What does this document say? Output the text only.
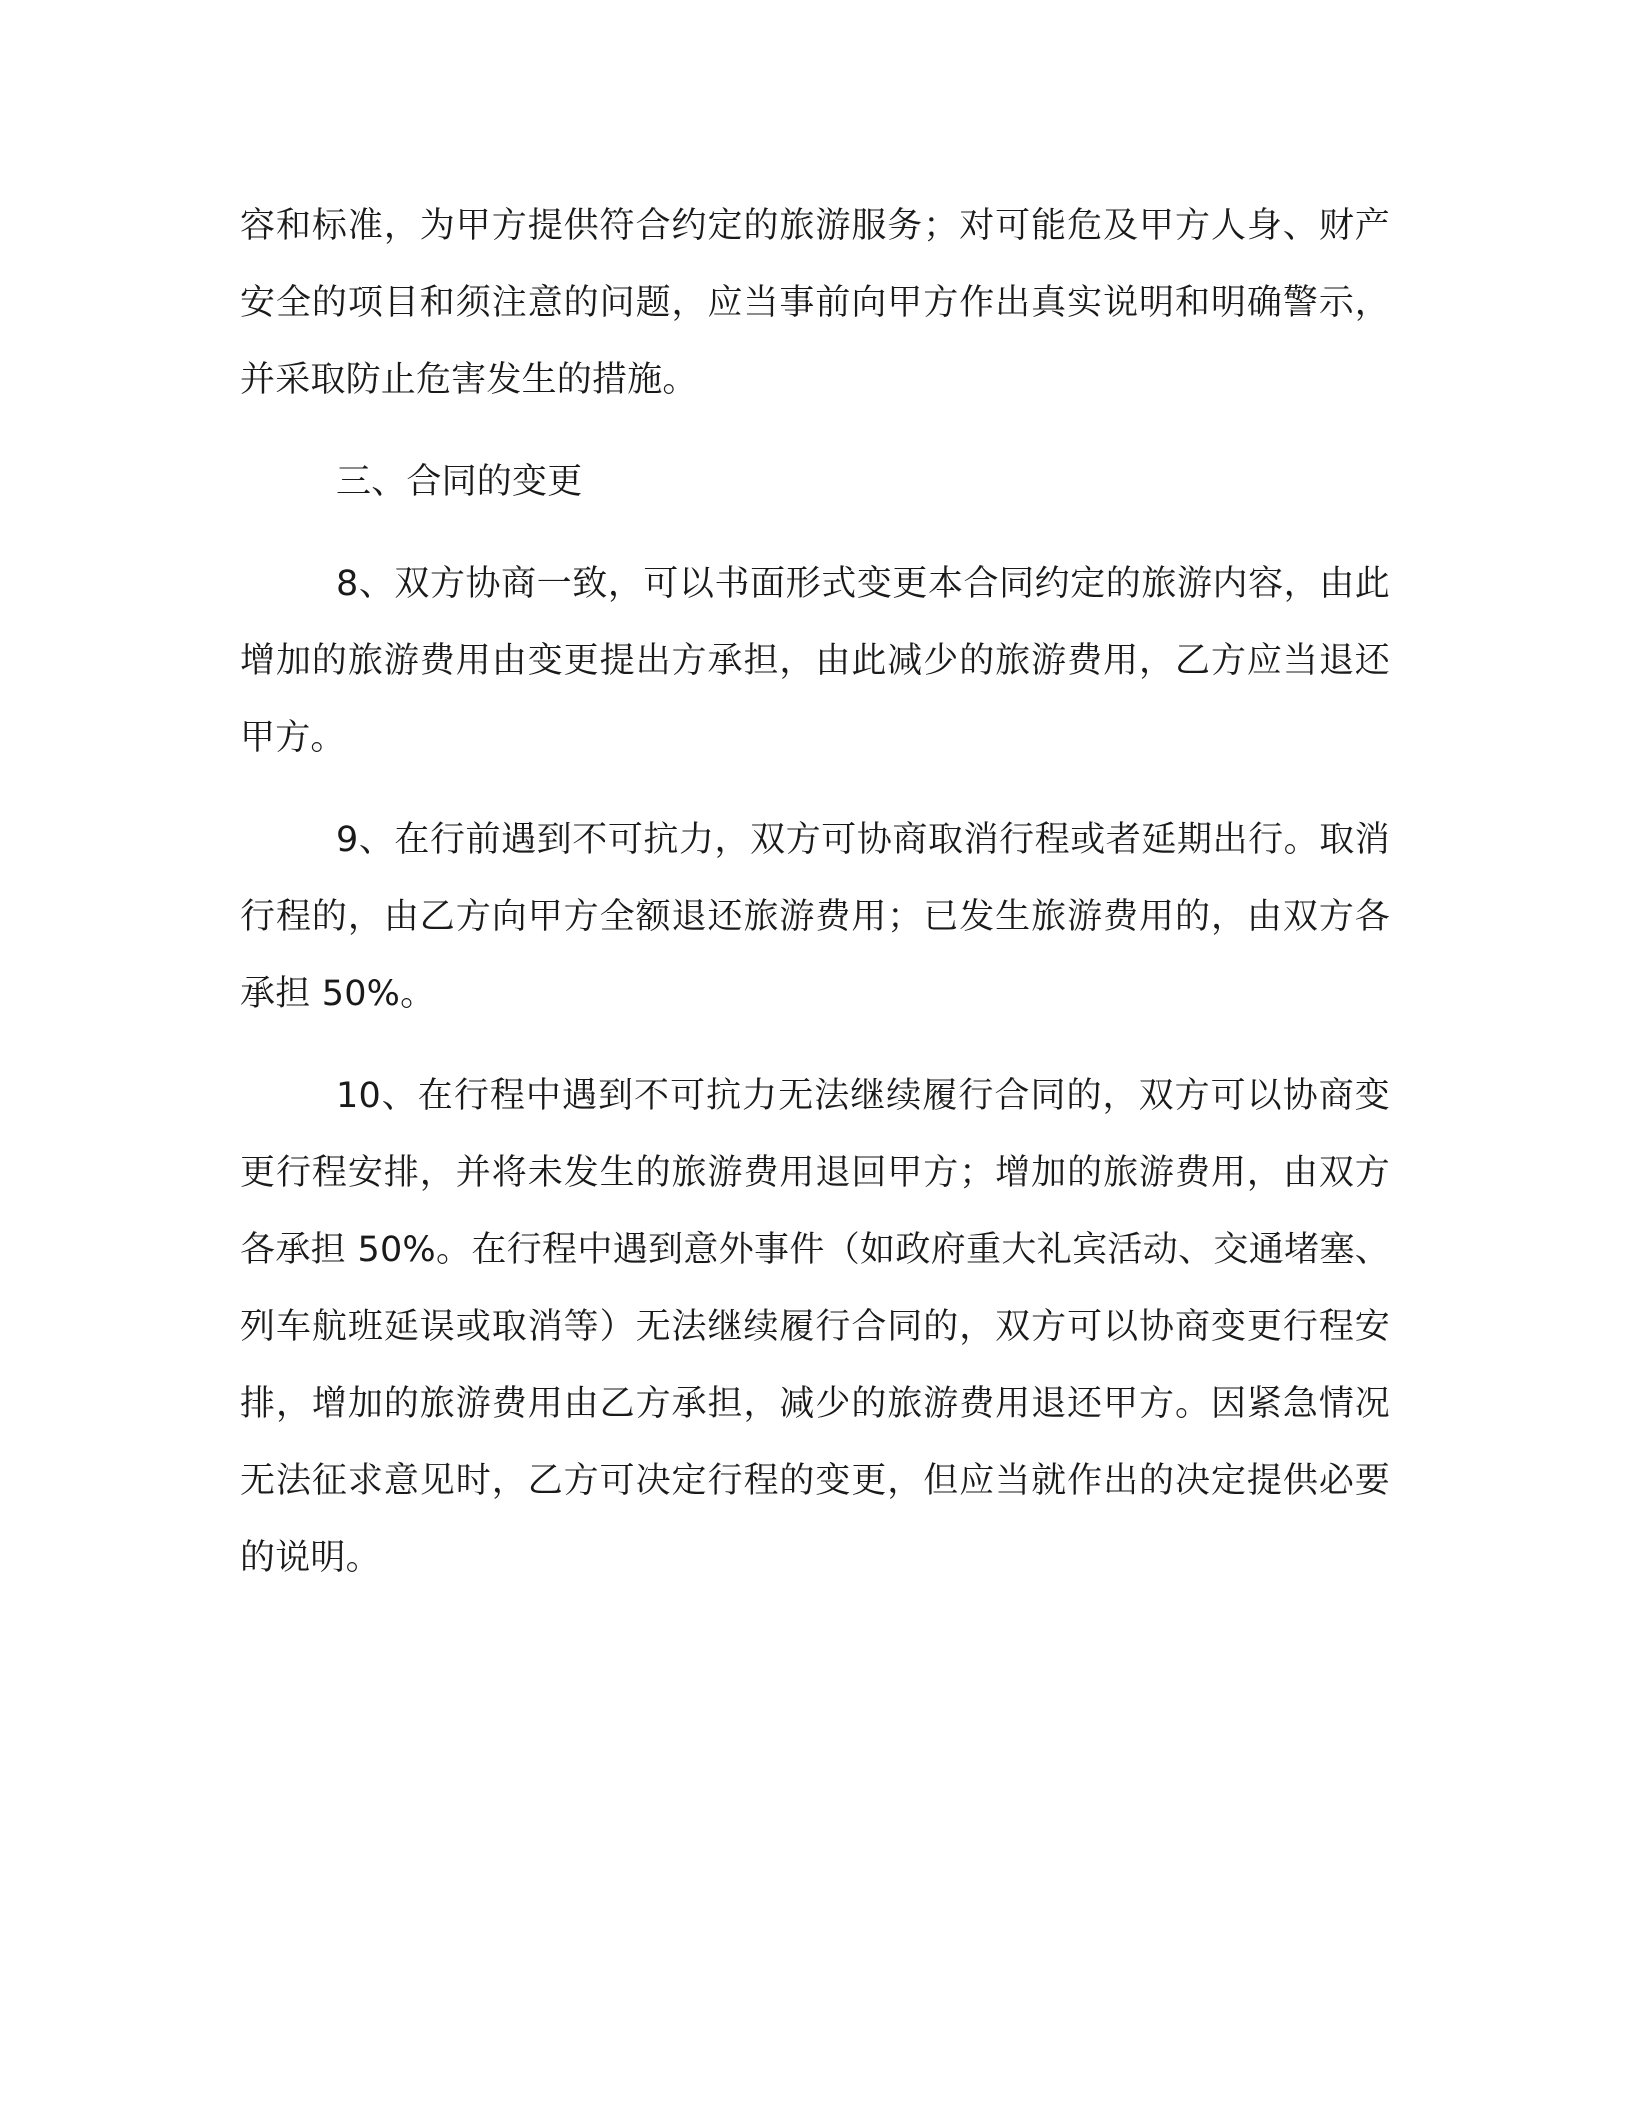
容和标准，为甲方提供符合约定的旅游服务；对可能危及甲方人身、财产安全的项目和须注意的问题，应当事前向甲方作出真实说明和明确警示，并采取防止危害发生的措施。

三、合同的变更

8、双方协商一致，可以书面形式变更本合同约定的旅游内容，由此增加的旅游费用由变更提出方承担，由此减少的旅游费用，乙方应当退还甲方。

9、在行前遇到不可抗力，双方可协商取消行程或者延期出行。取消行程的，由乙方向甲方全额退还旅游费用；已发生旅游费用的，由双方各承担 50%。

10、在行程中遇到不可抗力无法继续履行合同的，双方可以协商变更行程安排，并将未发生的旅游费用退回甲方；增加的旅游费用，由双方各承担 50%。在行程中遇到意外事件（如政府重大礼宾活动、交通堵塞、列车航班延误或取消等）无法继续履行合同的，双方可以协商变更行程安排，增加的旅游费用由乙方承担，减少的旅游费用退还甲方。因紧急情况无法征求意见时，乙方可决定行程的变更，但应当就作出的决定提供必要的说明。
